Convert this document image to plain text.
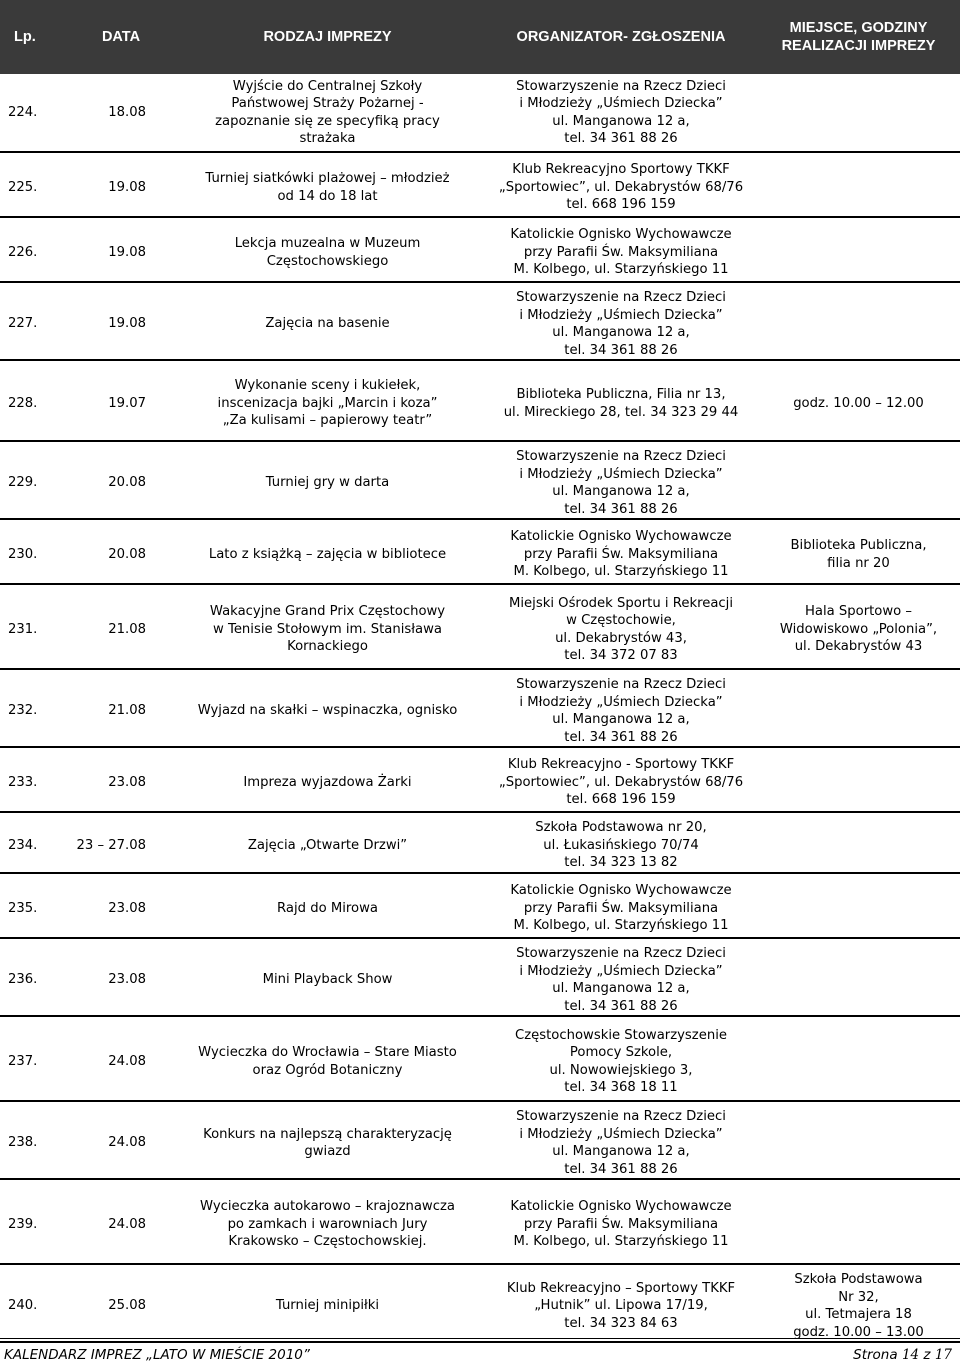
Lp.	DATA	RODZAJ IMPREZY	ORGANIZATOR- ZGŁOSZENIA	MIEJSCE, GODZINY
REALIZACJI IMPREZY
224.	18.08	Wyjście do Centralnej Szkoły
Państwowej Straży Pożarnej -
zapoznanie się ze specyfiką pracy
strażaka	Stowarzyszenie na Rzecz Dzieci
i Młodzieży „Uśmiech Dziecka”
ul. Manganowa 12 a,
tel. 34 361 88 26	

225.	19.08	Turniej siatkówki plażowej – młodzież
od 14 do 18 lat	Klub Rekreacyjno Sportowy TKKF
„Sportowiec”, ul. Dekabrystów 68/76
tel. 668 196 159	

226.	19.08	Lekcja muzealna w Muzeum
Częstochowskiego	Katolickie Ognisko Wychowawcze
przy Parafii Św. Maksymiliana
M. Kolbego, ul. Starzyńskiego 11	

227.	19.08	Zajęcia na basenie	Stowarzyszenie na Rzecz Dzieci
i Młodzieży „Uśmiech Dziecka”
ul. Manganowa 12 a,
tel. 34 361 88 26	

228.	19.07	Wykonanie sceny i kukiełek,
inscenizacja bajki „Marcin i koza”
„Za kulisami – papierowy teatr”	Biblioteka Publiczna, Filia nr 13,
ul. Mireckiego 28, tel. 34 323 29 44	godz. 10.00 – 12.00

229.	20.08	Turniej gry w darta	Stowarzyszenie na Rzecz Dzieci
i Młodzieży „Uśmiech Dziecka”
ul. Manganowa 12 a,
tel. 34 361 88 26	

230.	20.08	Lato z książką – zajęcia w bibliotece	Katolickie Ognisko Wychowawcze
przy Parafii Św. Maksymiliana
M. Kolbego, ul. Starzyńskiego 11	Biblioteka Publiczna,
filia nr 20

231.	21.08	Wakacyjne Grand Prix Częstochowy
w Tenisie Stołowym im. Stanisława
Kornackiego	Miejski Ośrodek Sportu i Rekreacji
w Częstochowie,
ul. Dekabrystów 43,
tel. 34 372 07 83	Hala Sportowo –
Widowiskowo „Polonia”,
ul. Dekabrystów 43

232.	21.08	Wyjazd na skałki – wspinaczka, ognisko	Stowarzyszenie na Rzecz Dzieci
i Młodzieży „Uśmiech Dziecka”
ul. Manganowa 12 a,
tel. 34 361 88 26	

233.	23.08	Impreza wyjazdowa Żarki	Klub Rekreacyjno - Sportowy TKKF
„Sportowiec”, ul. Dekabrystów 68/76
tel. 668 196 159	

234.	23 – 27.08	Zajęcia „Otwarte Drzwi”	Szkoła Podstawowa nr 20,
ul. Łukasińskiego 70/74
tel. 34 323 13 82	

235.	23.08	Rajd do Mirowa	Katolickie Ognisko Wychowawcze
przy Parafii Św. Maksymiliana
M. Kolbego, ul. Starzyńskiego 11	

236.	23.08	Mini Playback Show	Stowarzyszenie na Rzecz Dzieci
i Młodzieży „Uśmiech Dziecka”
ul. Manganowa 12 a,
tel. 34 361 88 26	

237.	24.08	Wycieczka do Wrocławia – Stare Miasto
oraz Ogród Botaniczny	Częstochowskie Stowarzyszenie
Pomocy Szkole,
ul. Nowowiejskiego 3,
tel. 34 368 18 11	

238.	24.08	Konkurs na najlepszą charakteryzację
gwiazd	Stowarzyszenie na Rzecz Dzieci
i Młodzieży „Uśmiech Dziecka”
ul. Manganowa 12 a,
tel. 34 361 88 26	

239.	24.08	Wycieczka autokarowo – krajoznawcza
po zamkach i warowniach Jury
Krakowsko – Częstochowskiej.	Katolickie Ognisko Wychowawcze
przy Parafii Św. Maksymiliana
M. Kolbego, ul. Starzyńskiego 11	

240.	25.08	Turniej minipiłki	Klub Rekreacyjno – Sportowy TKKF
„Hutnik” ul. Lipowa 17/19,
tel. 34 323 84 63	Szkoła Podstawowa
Nr 32,
ul. Tetmajera 18
godz. 10.00 – 13.00
KALENDARZ IMPREZ „LATO W MIEŚCIE 2010”	Strona 14 z 17
